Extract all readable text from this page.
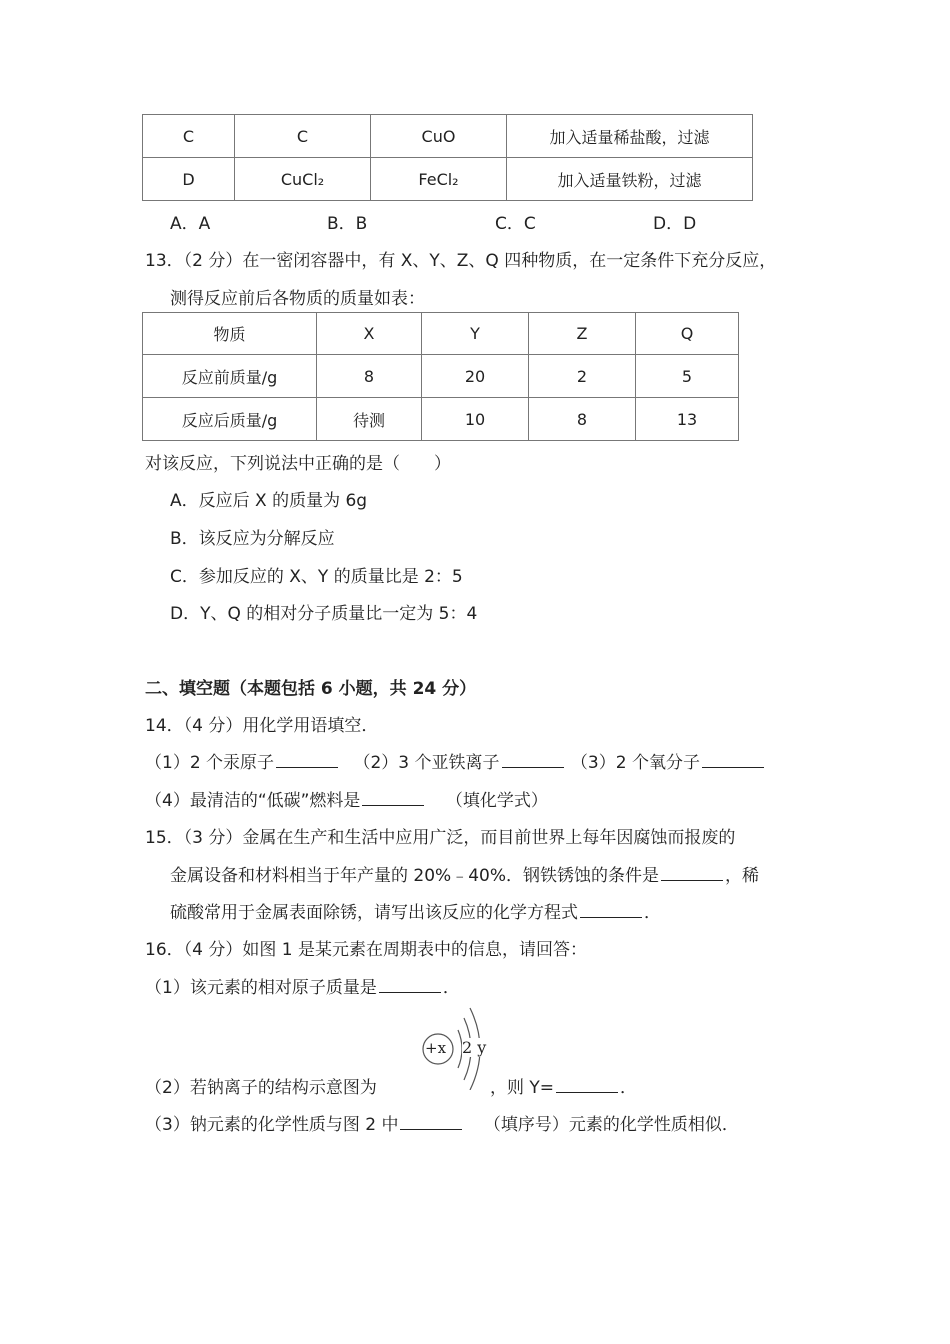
C	C	CuO	加入适量稀盐酸，过滤
D	CuCl₂	FeCl₂	加入适量铁粉，过滤
A．A	B．B	C．C	D．D
13．（2 分）在一密闭容器中，有 X、Y、Z、Q 四种物质，在一定条件下充分反应，
测得反应前后各物质的质量如表：
物质	X	Y	Z	Q
反应前质量/g	8	20	2	5
反应后质量/g	待测	10	8	13
对该反应，下列说法中正确的是（　　）
A．反应后 X 的质量为 6g
B．该反应为分解反应
C．参加反应的 X、Y 的质量比是 2：5
D．Y、Q 的相对分子质量比一定为 5：4
二、填空题（本题包括 6 小题，共 24 分）
14．（4 分）用化学用语填空．
（1）2 个汞原子	（2）3 个亚铁离子	（3）2 个氧分子
（4）最清洁的“低碳”燃料是	（填化学式）
15．（3 分）金属在生产和生活中应用广泛，而目前世界上每年因腐蚀而报废的
金属设备和材料相当于年产量的 20%﹣40%．钢铁锈蚀的条件是	，稀
硫酸常用于金属表面除锈，请写出该反应的化学方程式	．
16．（4 分）如图 1 是某元素在周期表中的信息，请回答：
（1）该元素的相对原子质量是	．
+x 2 y
（2）若钠离子的结构示意图为	，则 Y=	．
（3）钠元素的化学性质与图 2 中	（填序号）元素的化学性质相似．
